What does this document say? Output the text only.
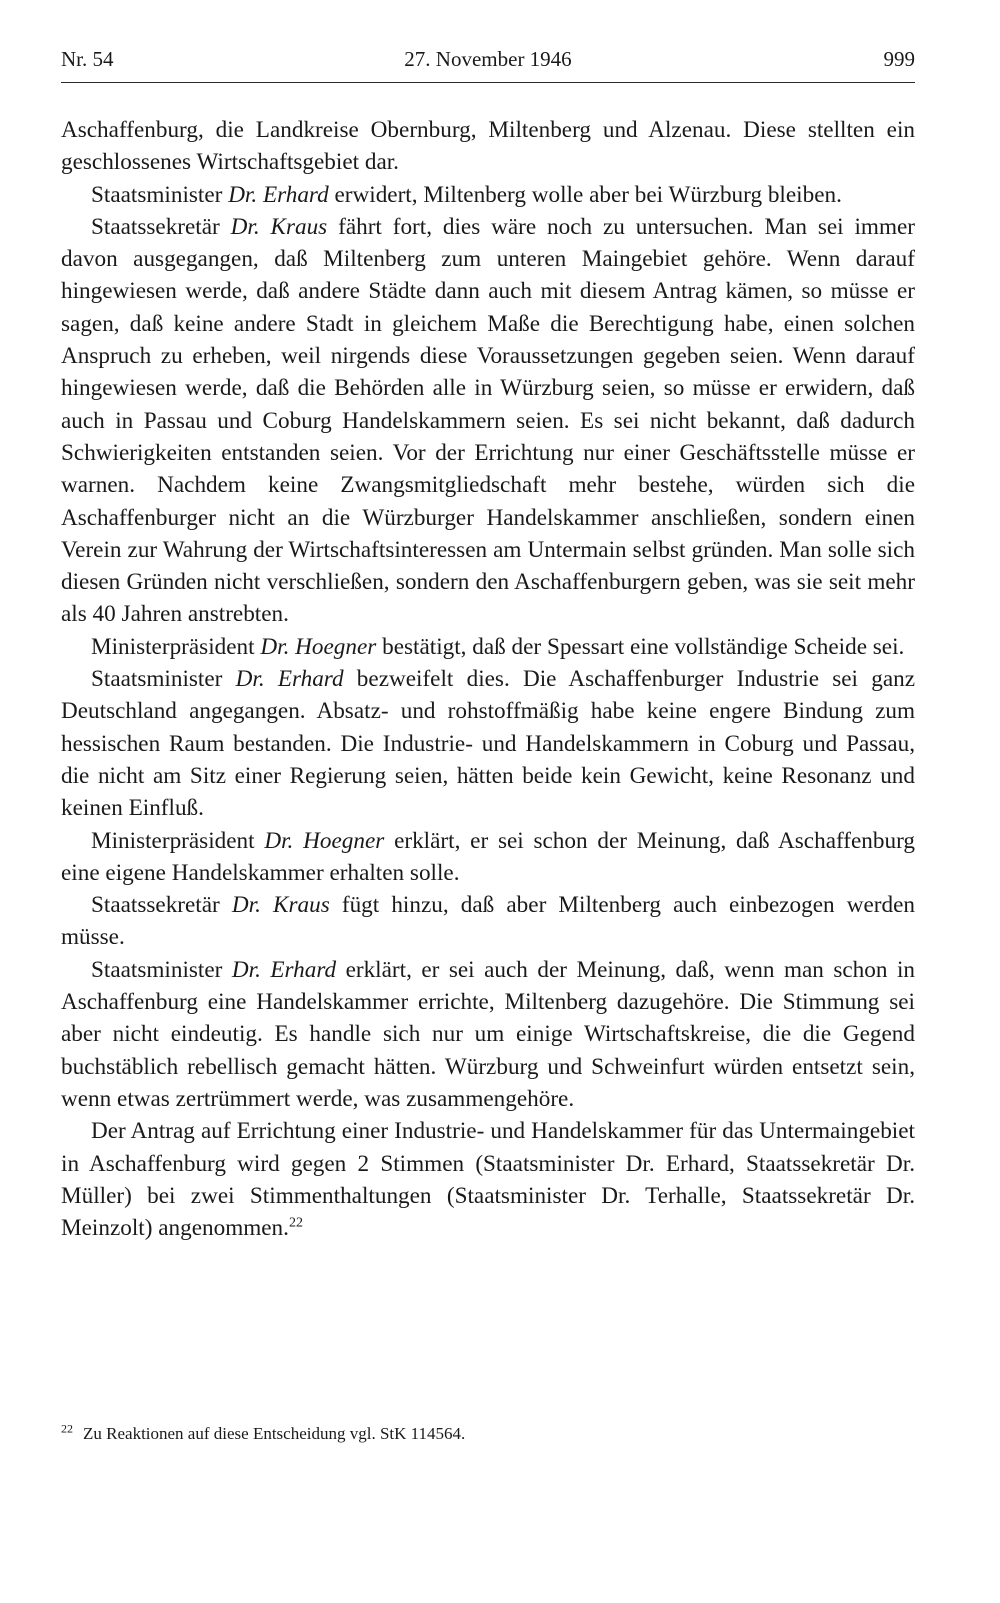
Nr. 54	27. November 1946	999

Aschaffenburg, die Landkreise Obernburg, Miltenberg und Alzenau. Diese stellten ein geschlossenes Wirtschaftsgebiet dar.

Staatsminister Dr. Erhard erwidert, Miltenberg wolle aber bei Würzburg bleiben.

Staatssekretär Dr. Kraus fährt fort, dies wäre noch zu untersuchen. Man sei immer davon ausgegangen, daß Miltenberg zum unteren Maingebiet gehöre. Wenn darauf hingewiesen werde, daß andere Städte dann auch mit diesem Antrag kämen, so müsse er sagen, daß keine andere Stadt in gleichem Maße die Berechtigung habe, einen solchen Anspruch zu erheben, weil nirgends diese Voraussetzungen gegeben seien. Wenn darauf hingewiesen werde, daß die Behörden alle in Würzburg seien, so müsse er erwidern, daß auch in Passau und Coburg Handelskammern seien. Es sei nicht bekannt, daß dadurch Schwierigkeiten entstanden seien. Vor der Errichtung nur einer Geschäftsstelle müsse er warnen. Nachdem keine Zwangsmitgliedschaft mehr bestehe, würden sich die Aschaffenburger nicht an die Würzburger Handelskammer anschließen, sondern einen Verein zur Wahrung der Wirtschaftsinteressen am Untermain selbst gründen. Man solle sich diesen Gründen nicht verschließen, sondern den Aschaffenburgern geben, was sie seit mehr als 40 Jahren anstrebten.

Ministerpräsident Dr. Hoegner bestätigt, daß der Spessart eine vollständige Scheide sei.

Staatsminister Dr. Erhard bezweifelt dies. Die Aschaffenburger Industrie sei ganz Deutschland angegangen. Absatz- und rohstoffmäßig habe keine engere Bindung zum hessischen Raum bestanden. Die Industrie- und Handelskammern in Coburg und Passau, die nicht am Sitz einer Regierung seien, hätten beide kein Gewicht, keine Resonanz und keinen Einfluß.

Ministerpräsident Dr. Hoegner erklärt, er sei schon der Meinung, daß Aschaffenburg eine eigene Handelskammer erhalten solle.

Staatssekretär Dr. Kraus fügt hinzu, daß aber Miltenberg auch einbezogen werden müsse.

Staatsminister Dr. Erhard erklärt, er sei auch der Meinung, daß, wenn man schon in Aschaffenburg eine Handelskammer errichte, Miltenberg dazugehöre. Die Stimmung sei aber nicht eindeutig. Es handle sich nur um einige Wirtschaftskreise, die die Gegend buchstäblich rebellisch gemacht hätten. Würzburg und Schweinfurt würden entsetzt sein, wenn etwas zertrümmert werde, was zusammengehöre.

Der Antrag auf Errichtung einer Industrie- und Handelskammer für das Untermaingebiet in Aschaffenburg wird gegen 2 Stimmen (Staatsminister Dr. Erhard, Staatssekretär Dr. Müller) bei zwei Stimmenthaltungen (Staatsminister Dr. Terhalle, Staatssekretär Dr. Meinzolt) angenommen.$^{22}$

$^{22}$ Zu Reaktionen auf diese Entscheidung vgl. StK 114564.
